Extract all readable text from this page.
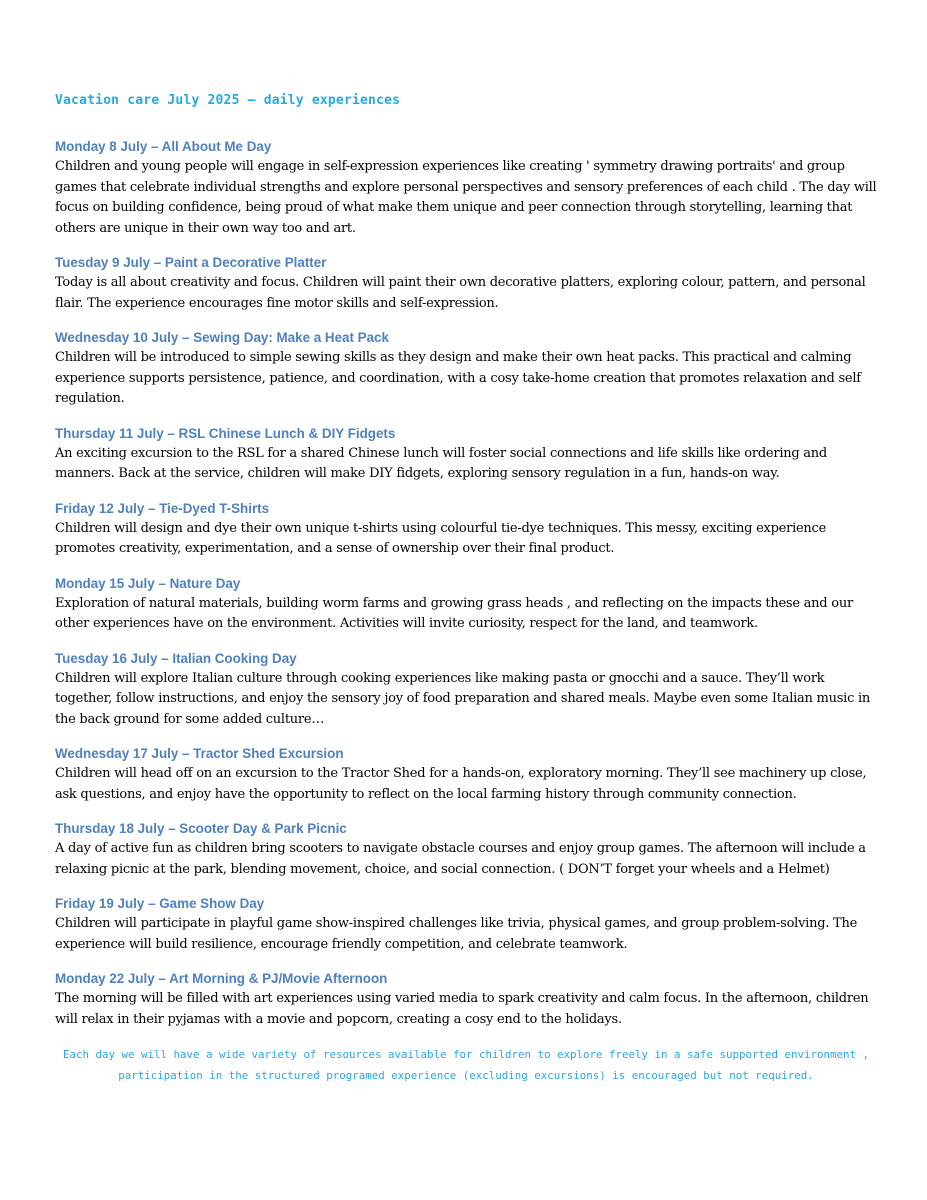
Vacation care July 2025 – daily experiences
Monday 8 July – All About Me Day

Children and young people will engage in self-expression experiences like creating ' symmetry drawing portraits' and group games that celebrate individual strengths and explore personal perspectives and sensory preferences of each child . The day will focus on building confidence, being proud of what make them unique and peer connection through storytelling, learning that others are unique in their own way too and art.

Tuesday 9 July – Paint a Decorative Platter

Today is all about creativity and focus. Children will paint their own decorative platters, exploring colour, pattern, and personal flair. The experience encourages fine motor skills and self-expression.

Wednesday 10 July – Sewing Day: Make a Heat Pack

Children will be introduced to simple sewing skills as they design and make their own heat packs. This practical and calming experience supports persistence, patience, and coordination, with a cosy take-home creation that promotes relaxation and self regulation.

Thursday 11 July – RSL Chinese Lunch & DIY Fidgets

An exciting excursion to the RSL for a shared Chinese lunch will foster social connections and life skills like ordering and manners. Back at the service, children will make DIY fidgets, exploring sensory regulation in a fun, hands-on way.

Friday 12 July – Tie-Dyed T-Shirts

Children will design and dye their own unique t-shirts using colourful tie-dye techniques. This messy, exciting experience promotes creativity, experimentation, and a sense of ownership over their final product.

Monday 15 July – Nature Day

Exploration of natural materials, building worm farms and growing grass heads , and reflecting on the impacts these and our other experiences have on the environment. Activities will invite curiosity, respect for the land, and teamwork.

Tuesday 16 July – Italian Cooking Day

Children will explore Italian culture through cooking experiences like making pasta or gnocchi and a sauce. They’ll work together, follow instructions, and enjoy the sensory joy of food preparation and shared meals. Maybe even some Italian music in the back ground for some added culture…

Wednesday 17 July – Tractor Shed Excursion

Children will head off on an excursion to the Tractor Shed for a hands-on, exploratory morning. They’ll see machinery up close, ask questions, and enjoy have the opportunity to reflect on the local farming history through community connection.

Thursday 18 July – Scooter Day & Park Picnic

A day of active fun as children bring scooters to navigate obstacle courses and enjoy group games. The afternoon will include a relaxing picnic at the park, blending movement, choice, and social connection. ( DON’T forget your wheels and a Helmet)

Friday 19 July – Game Show Day

Children will participate in playful game show-inspired challenges like trivia, physical games, and group problem-solving. The experience will build resilience, encourage friendly competition, and celebrate teamwork.

Monday 22 July – Art Morning & PJ/Movie Afternoon

The morning will be filled with art experiences using varied media to spark creativity and calm focus. In the afternoon, children will relax in their pyjamas with a movie and popcorn, creating a cosy end to the holidays.

Each day we will have a wide variety of resources available for children to explore freely in a safe supported environment , participation in the structured programed experience (excluding excursions) is encouraged but not required.
